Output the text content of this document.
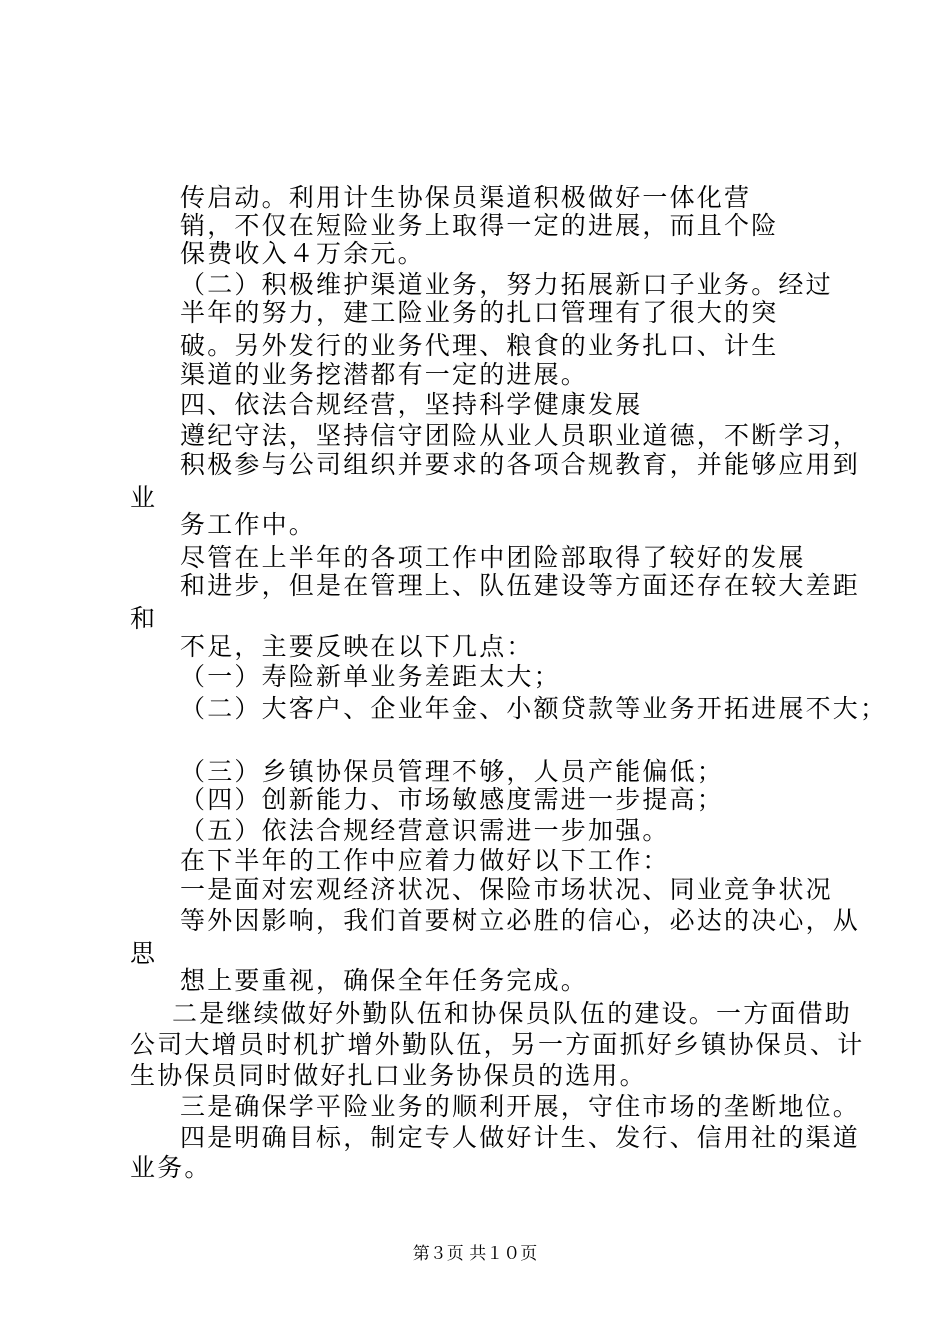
传启动。利用计生协保员渠道积极做好一体化营
销，不仅在短险业务上取得一定的进展，而且个险
保费收入４万余元。
（二）积极维护渠道业务，努力拓展新口子业务。经过
半年的努力，建工险业务的扎口管理有了很大的突
破。另外发行的业务代理、粮食的业务扎口、计生
渠道的业务挖潜都有一定的进展。
四、依法合规经营，坚持科学健康发展
遵纪守法，坚持信守团险从业人员职业道德，不断学习，
积极参与公司组织并要求的各项合规教育，并能够应用到
业
务工作中。
尽管在上半年的各项工作中团险部取得了较好的发展
和进步，但是在管理上、队伍建设等方面还存在较大差距
和
不足，主要反映在以下几点：
（一）寿险新单业务差距太大；
（二）大客户、企业年金、小额贷款等业务开拓进展不大；
（三）乡镇协保员管理不够，人员产能偏低；
（四）创新能力、市场敏感度需进一步提高；
（五）依法合规经营意识需进一步加强。
在下半年的工作中应着力做好以下工作：
一是面对宏观经济状况、保险市场状况、同业竞争状况
等外因影响，我们首要树立必胜的信心，必达的决心，从
思
想上要重视，确保全年任务完成。
二是继续做好外勤队伍和协保员队伍的建设。一方面借助
公司大增员时机扩增外勤队伍，另一方面抓好乡镇协保员、计
生协保员同时做好扎口业务协保员的选用。
三是确保学平险业务的顺利开展，守住市场的垄断地位。
四是明确目标，制定专人做好计生、发行、信用社的渠道
业务。
第３页 共１０页
